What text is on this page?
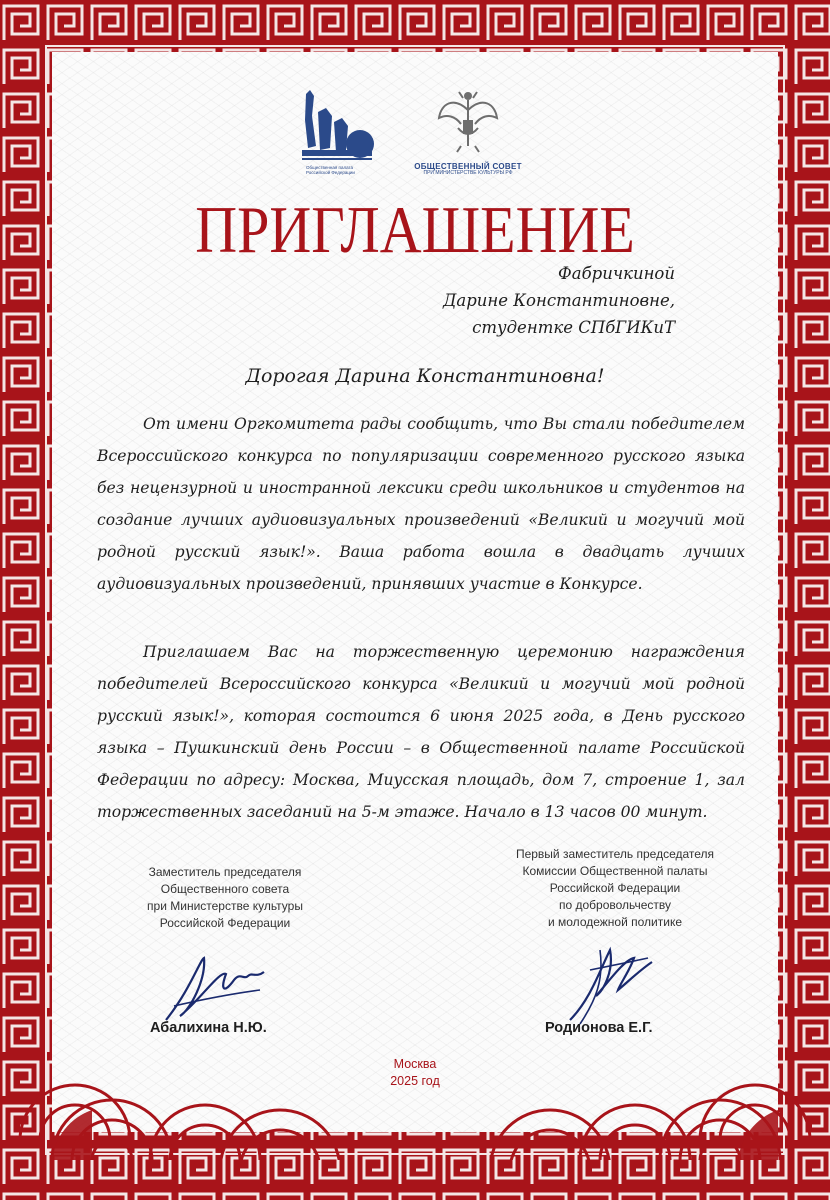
Общественная палата Российской Федерации
ОБЩЕСТВЕННЫЙ СОВЕТ
ПРИ МИНИСТЕРСТВЕ КУЛЬТУРЫ РФ
ПРИГЛАШЕНИЕ
Фабричкиной
Дарине Константиновне,
студентке СПбГИКиТ
Дорогая Дарина Константиновна!
От имени Оргкомитета рады сообщить, что Вы стали победителем Всероссийского конкурса по популяризации современного русского языка без нецензурной и иностранной лексики среди школьников и студентов на создание лучших аудиовизуальных произведений «Великий и могучий мой родной русский язык!». Ваша работа вошла в двадцать лучших аудиовизуальных произведений, принявших участие в Конкурсе.
Приглашаем Вас на торжественную церемонию награждения победителей Всероссийского конкурса «Великий и могучий мой родной русский язык!», которая состоится 6 июня 2025 года, в День русского языка – Пушкинский день России – в Общественной палате Российской Федерации по адресу: Москва, Миусская площадь, дом 7, строение 1, зал торжественных заседаний на 5-м этаже. Начало в 13 часов 00 минут.
Заместитель председателя
Общественного совета
при Министерстве культуры
Российской Федерации
Первый заместитель председателя
Комиссии Общественной палаты
Российской Федерации
по добровольчеству
и молодежной политике
Абалихина Н.Ю.	Родионова Е.Г.
Москва
2025 год
